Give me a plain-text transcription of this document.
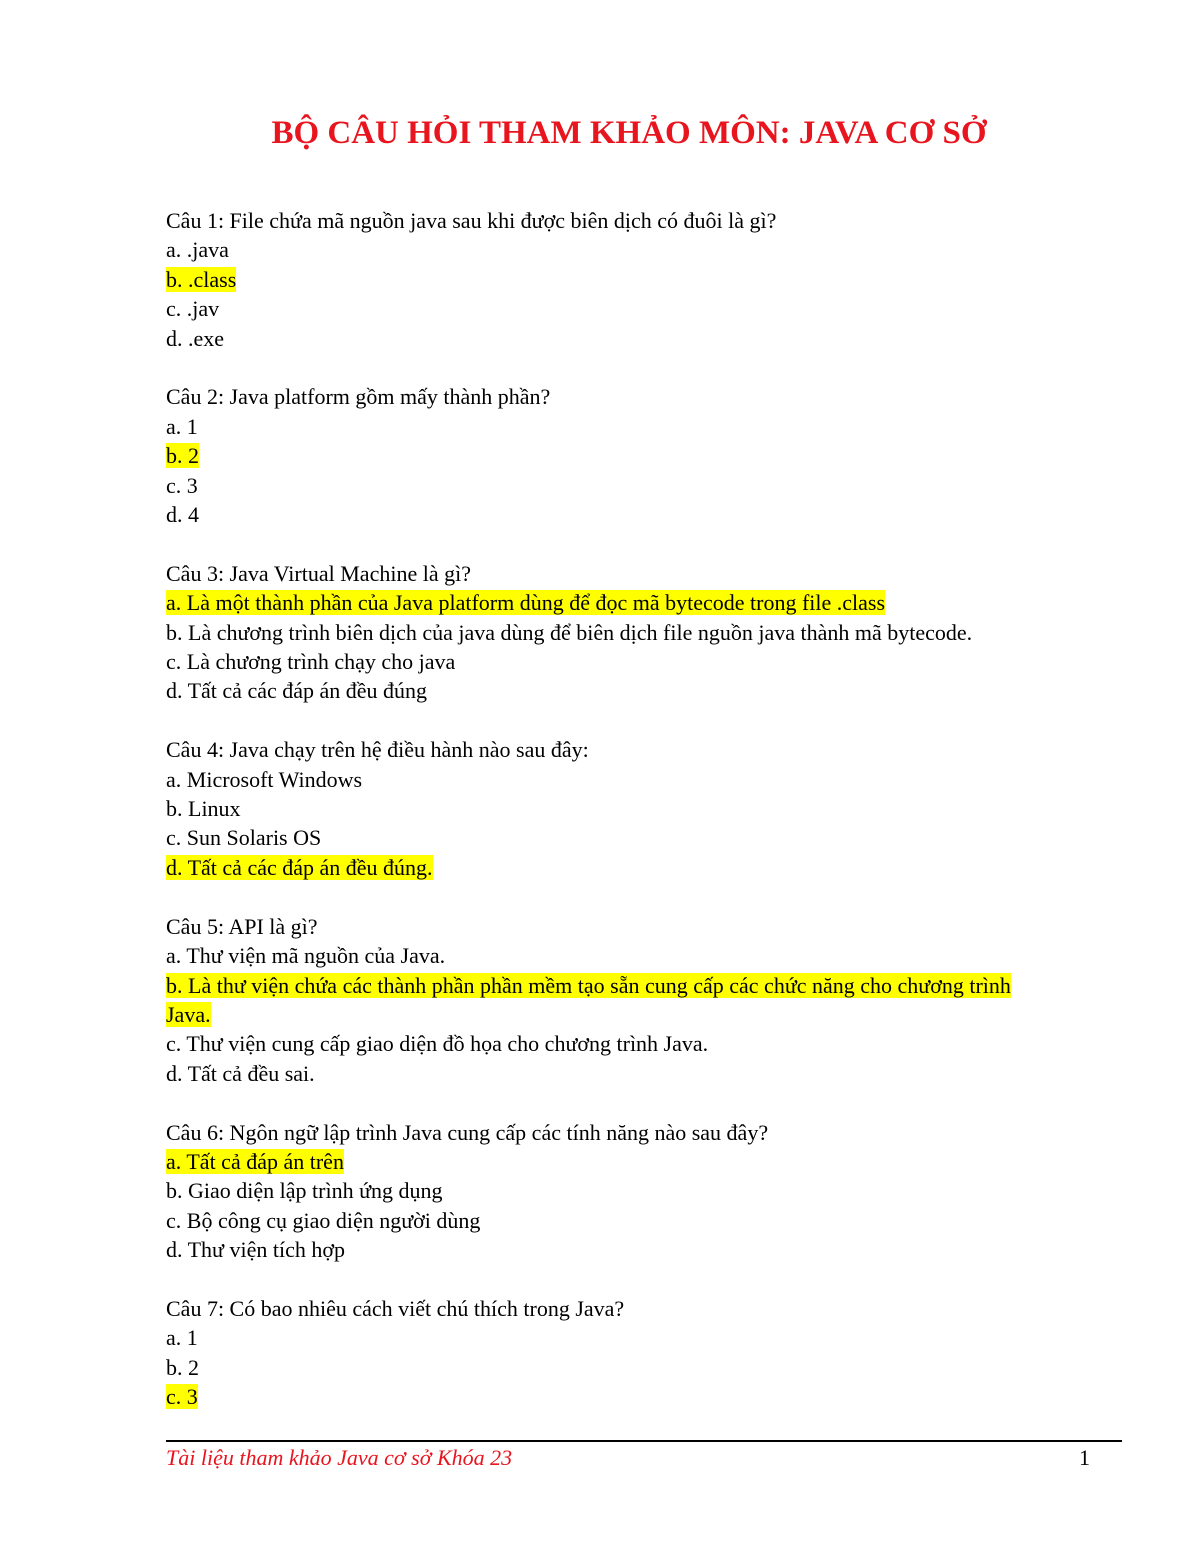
BỘ CÂU HỎI THAM KHẢO MÔN: JAVA CƠ SỞ
Câu 1: File chứa mã nguồn java sau khi được biên dịch có đuôi là gì?
a. .java
b. .class
c. .jav
d. .exe
Câu 2: Java platform gồm mấy thành phần?
a. 1
b. 2
c. 3
d. 4
Câu 3: Java Virtual Machine là gì?
a. Là một thành phần của Java platform dùng để đọc mã bytecode trong file .class
b. Là chương trình biên dịch của java dùng để biên dịch file nguồn java thành mã bytecode.
c. Là chương trình chạy cho java
d. Tất cả các đáp án đều đúng
Câu 4: Java chạy trên hệ điều hành nào sau đây:
a. Microsoft Windows
b. Linux
c. Sun Solaris OS
d. Tất cả các đáp án đều đúng.
Câu 5: API là gì?
a. Thư viện mã nguồn của Java.
b. Là thư viện chứa các thành phần phần mềm tạo sẵn cung cấp các chức năng cho chương trình Java.
c. Thư viện cung cấp giao diện đồ họa cho chương trình Java.
d. Tất cả đều sai.
Câu 6: Ngôn ngữ lập trình Java cung cấp các tính năng nào sau đây?
a. Tất cả đáp án trên
b. Giao diện lập trình ứng dụng
c. Bộ công cụ giao diện người dùng
d. Thư viện tích hợp
Câu 7: Có bao nhiêu cách viết chú thích trong Java?
a. 1
b. 2
c. 3
Tài liệu tham khảo Java cơ sở Khóa 23	1
